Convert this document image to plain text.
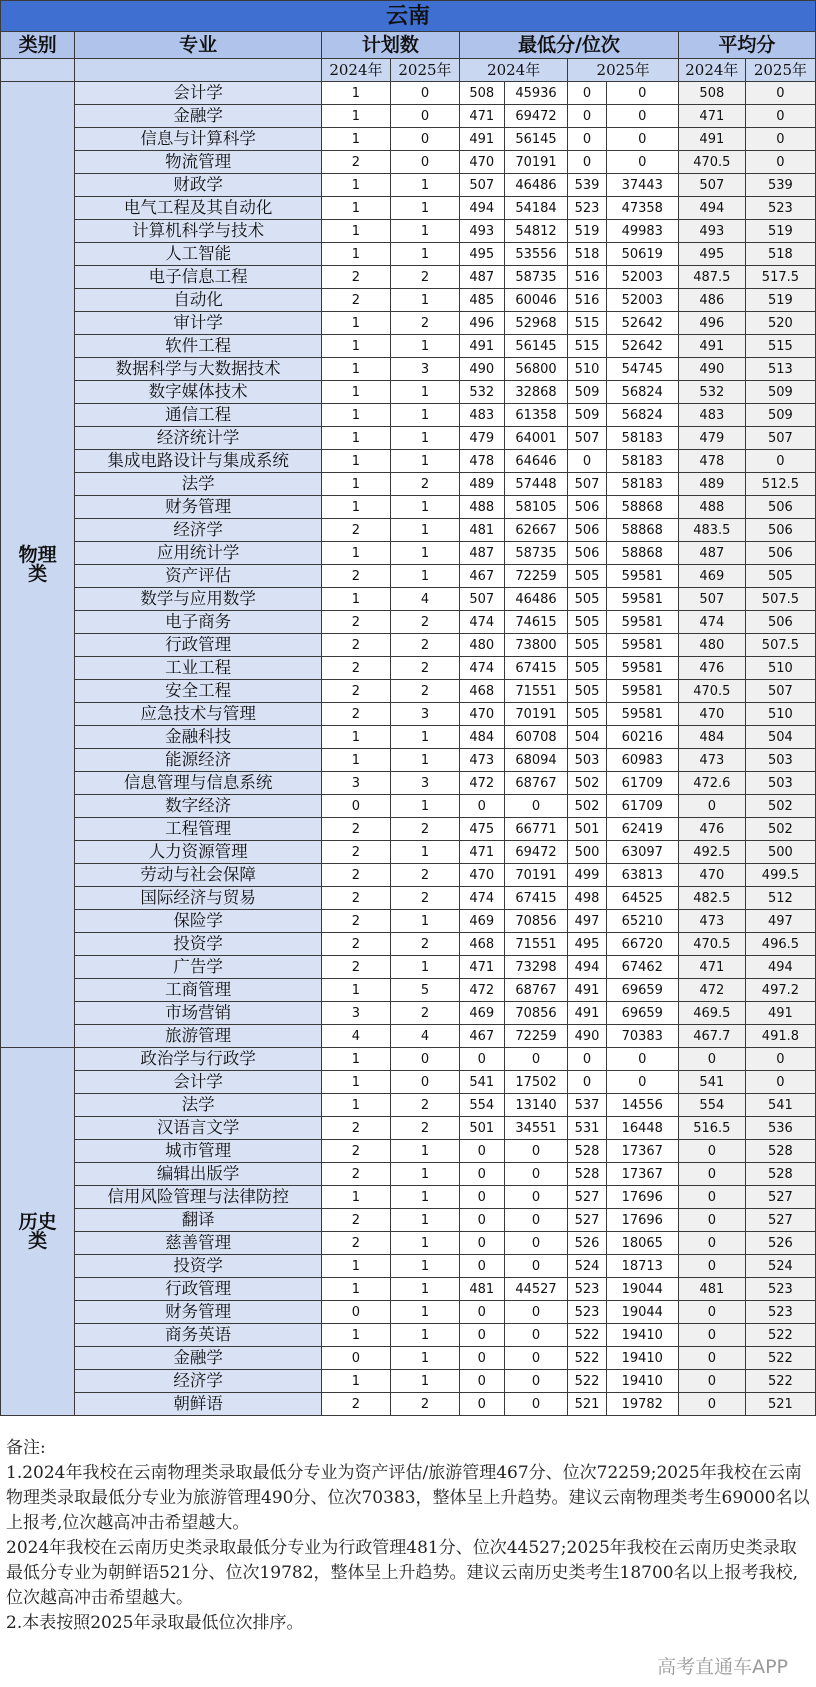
云南									
类别	专业	计划数		最低分/位次				平均分	
		2024年	2025年	2024年		2025年		2024年	2025年
物理
类	会计学	1	0	508	45936	0	0	508	0
	金融学	1	0	471	69472	0	0	471	0
	信息与计算科学	1	0	491	56145	0	0	491	0
	物流管理	2	0	470	70191	0	0	470.5	0
	财政学	1	1	507	46486	539	37443	507	539
	电气工程及其自动化	1	1	494	54184	523	47358	494	523
	计算机科学与技术	1	1	493	54812	519	49983	493	519
	人工智能	1	1	495	53556	518	50619	495	518
	电子信息工程	2	2	487	58735	516	52003	487.5	517.5
	自动化	2	1	485	60046	516	52003	486	519
	审计学	1	2	496	52968	515	52642	496	520
	软件工程	1	1	491	56145	515	52642	491	515
	数据科学与大数据技术	1	3	490	56800	510	54745	490	513
	数字媒体技术	1	1	532	32868	509	56824	532	509
	通信工程	1	1	483	61358	509	56824	483	509
	经济统计学	1	1	479	64001	507	58183	479	507
	集成电路设计与集成系统	1	1	478	64646	0	58183	478	0
	法学	1	2	489	57448	507	58183	489	512.5
	财务管理	1	1	488	58105	506	58868	488	506
	经济学	2	1	481	62667	506	58868	483.5	506
	应用统计学	1	1	487	58735	506	58868	487	506
	资产评估	2	1	467	72259	505	59581	469	505
	数学与应用数学	1	4	507	46486	505	59581	507	507.5
	电子商务	2	2	474	74615	505	59581	474	506
	行政管理	2	2	480	73800	505	59581	480	507.5
	工业工程	2	2	474	67415	505	59581	476	510
	安全工程	2	2	468	71551	505	59581	470.5	507
	应急技术与管理	2	3	470	70191	505	59581	470	510
	金融科技	1	1	484	60708	504	60216	484	504
	能源经济	1	1	473	68094	503	60983	473	503
	信息管理与信息系统	3	3	472	68767	502	61709	472.6	503
	数字经济	0	1	0	0	502	61709	0	502
	工程管理	2	2	475	66771	501	62419	476	502
	人力资源管理	2	1	471	69472	500	63097	492.5	500
	劳动与社会保障	2	2	470	70191	499	63813	470	499.5
	国际经济与贸易	2	2	474	67415	498	64525	482.5	512
	保险学	2	1	469	70856	497	65210	473	497
	投资学	2	2	468	71551	495	66720	470.5	496.5
	广告学	2	1	471	73298	494	67462	471	494
	工商管理	1	5	472	68767	491	69659	472	497.2
	市场营销	3	2	469	70856	491	69659	469.5	491
	旅游管理	4	4	467	72259	490	70383	467.7	491.8
历史
类	政治学与行政学	1	0	0	0	0	0	0	0
	会计学	1	0	541	17502	0	0	541	0
	法学	1	2	554	13140	537	14556	554	541
	汉语言文学	2	2	501	34551	531	16448	516.5	536
	城市管理	2	1	0	0	528	17367	0	528
	编辑出版学	2	1	0	0	528	17367	0	528
	信用风险管理与法律防控	1	1	0	0	527	17696	0	527
	翻译	2	1	0	0	527	17696	0	527
	慈善管理	2	1	0	0	526	18065	0	526
	投资学	1	1	0	0	524	18713	0	524
	行政管理	1	1	481	44527	523	19044	481	523
	财务管理	0	1	0	0	523	19044	0	523
	商务英语	1	1	0	0	522	19410	0	522
	金融学	0	1	0	0	522	19410	0	522
	经济学	1	1	0	0	522	19410	0	522
	朝鲜语	2	2	0	0	521	19782	0	521

备注:

1.2024年我校在云南物理类录取最低分专业为资产评估/旅游管理467分、位次72259;2025年我校在云南物理类录取最低分专业为旅游管理490分、位次70383，整体呈上升趋势。建议云南物理类考生69000名以上报考,位次越高冲击希望越大。

2024年我校在云南历史类录取最低分专业为行政管理481分、位次44527;2025年我校在云南历史类录取最低分专业为朝鲜语521分、位次19782，整体呈上升趋势。建议云南历史类考生18700名以上报考我校,位次越高冲击希望越大。

2.本表按照2025年录取最低位次排序。

高考直通车APP
